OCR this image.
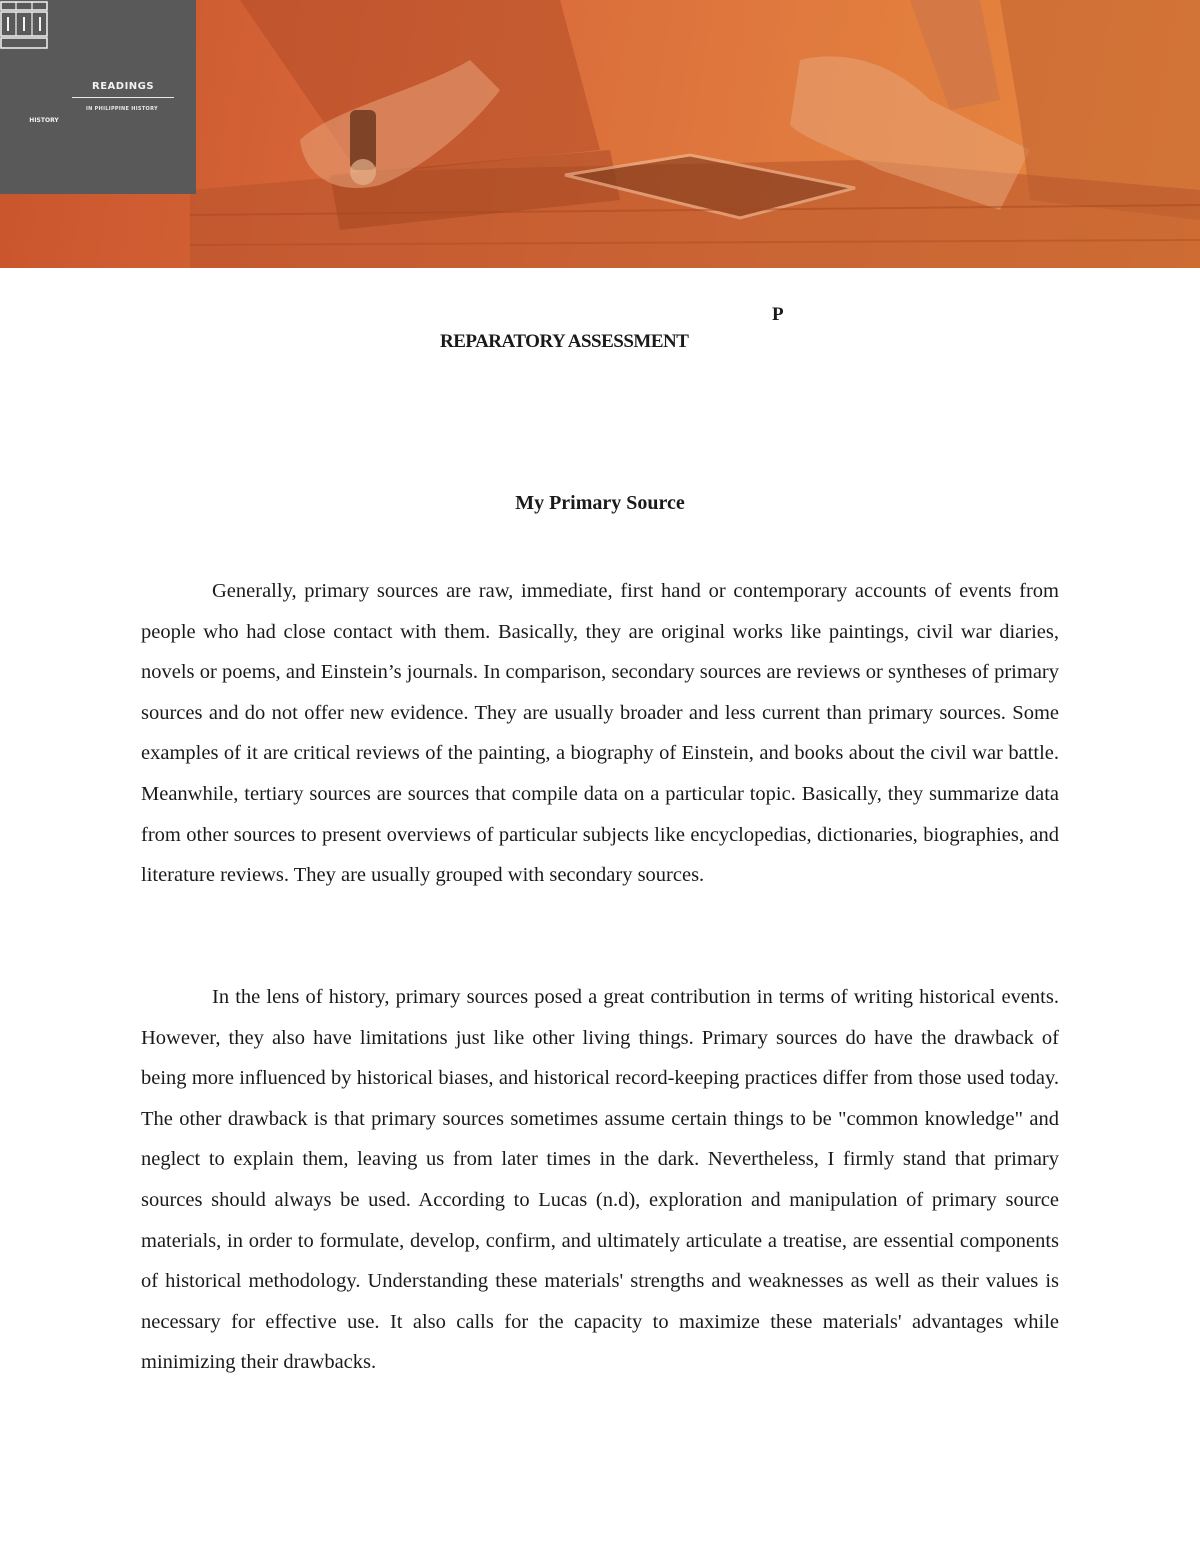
HISTORY
READINGS
IN PHILIPPINE HISTORY
P
REPARATORY ASSESSMENT
My Primary Source

Generally, primary sources are raw, immediate, first hand or contemporary accounts of events from people who had close contact with them. Basically, they are original works like paintings, civil war diaries, novels or poems, and Einstein’s journals. In comparison, secondary sources are reviews or syntheses of primary sources and do not offer new evidence. They are usually broader and less current than primary sources. Some examples of it are critical reviews of the painting, a biography of Einstein, and books about the civil war battle. Meanwhile, tertiary sources are sources that compile data on a particular topic. Basically, they summarize data from other sources to present overviews of particular subjects like encyclopedias, dictionaries, biographies, and literature reviews. They are usually grouped with secondary sources.

In the lens of history, primary sources posed a great contribution in terms of writing historical events. However, they also have limitations just like other living things. Primary sources do have the drawback of being more influenced by historical biases, and historical record-keeping practices differ from those used today. The other drawback is that primary sources sometimes assume certain things to be "common knowledge" and neglect to explain them, leaving us from later times in the dark. Nevertheless, I firmly stand that primary sources should always be used. According to Lucas (n.d), exploration and manipulation of primary source materials, in order to formulate, develop, confirm, and ultimately articulate a treatise, are essential components of historical methodology. Understanding these materials' strengths and weaknesses as well as their values is necessary for effective use. It also calls for the capacity to maximize these materials' advantages while minimizing their drawbacks.
